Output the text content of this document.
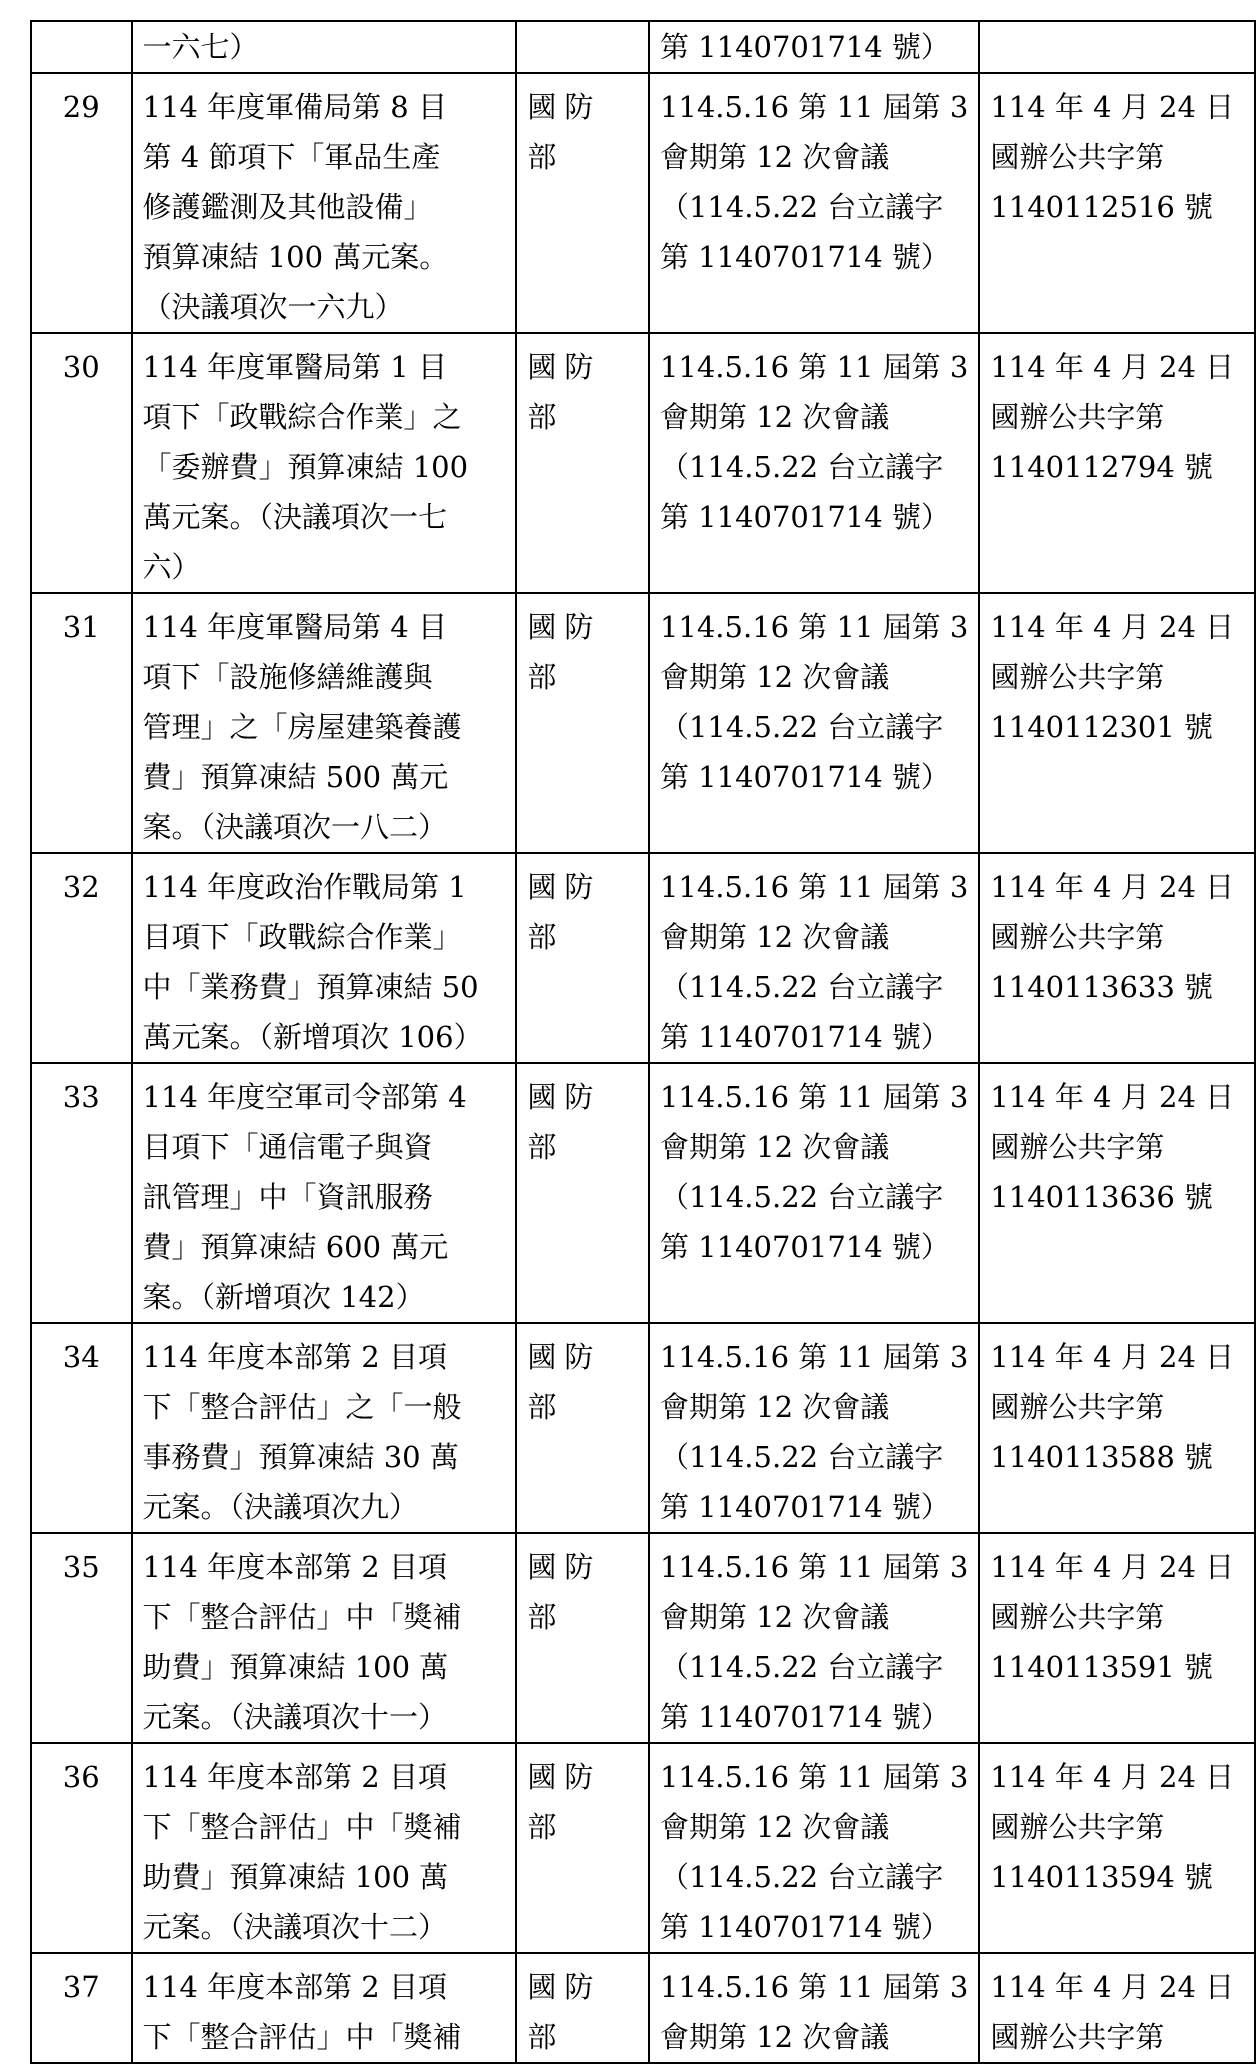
	一六七）		第 1140701714 號）	

29	114 年度軍備局第 8 目
第 4 節項下「軍品生產
修護鑑測及其他設備」
預算凍結 100 萬元案。
（決議項次一六九）	國防部	114.5.16 第 11 屆第 3
會期第 12 次會議
（114.5.22 台立議字
第 1140701714 號）	114 年 4 月 24 日
國辦公共字第
1140112516 號

30	114 年度軍醫局第 1 目
項下「政戰綜合作業」之
「委辦費」預算凍結 100
萬元案。（決議項次一七
六）	國防部	114.5.16 第 11 屆第 3
會期第 12 次會議
（114.5.22 台立議字
第 1140701714 號）	114 年 4 月 24 日
國辦公共字第
1140112794 號

31	114 年度軍醫局第 4 目
項下「設施修繕維護與
管理」之「房屋建築養護
費」預算凍結 500 萬元
案。（決議項次一八二）	國防部	114.5.16 第 11 屆第 3
會期第 12 次會議
（114.5.22 台立議字
第 1140701714 號）	114 年 4 月 24 日
國辦公共字第
1140112301 號

32	114 年度政治作戰局第 1
目項下「政戰綜合作業」
中「業務費」預算凍結 50
萬元案。（新增項次 106）	國防部	114.5.16 第 11 屆第 3
會期第 12 次會議
（114.5.22 台立議字
第 1140701714 號）	114 年 4 月 24 日
國辦公共字第
1140113633 號

33	114 年度空軍司令部第 4
目項下「通信電子與資
訊管理」中「資訊服務
費」預算凍結 600 萬元
案。（新增項次 142）	國防部	114.5.16 第 11 屆第 3
會期第 12 次會議
（114.5.22 台立議字
第 1140701714 號）	114 年 4 月 24 日
國辦公共字第
1140113636 號

34	114 年度本部第 2 目項
下「整合評估」之「一般
事務費」預算凍結 30 萬
元案。（決議項次九）	國防部	114.5.16 第 11 屆第 3
會期第 12 次會議
（114.5.22 台立議字
第 1140701714 號）	114 年 4 月 24 日
國辦公共字第
1140113588 號

35	114 年度本部第 2 目項
下「整合評估」中「獎補
助費」預算凍結 100 萬
元案。（決議項次十一）	國防部	114.5.16 第 11 屆第 3
會期第 12 次會議
（114.5.22 台立議字
第 1140701714 號）	114 年 4 月 24 日
國辦公共字第
1140113591 號

36	114 年度本部第 2 目項
下「整合評估」中「獎補
助費」預算凍結 100 萬
元案。（決議項次十二）	國防部	114.5.16 第 11 屆第 3
會期第 12 次會議
（114.5.22 台立議字
第 1140701714 號）	114 年 4 月 24 日
國辦公共字第
1140113594 號

37	114 年度本部第 2 目項
下「整合評估」中「獎補	國防部	114.5.16 第 11 屆第 3
會期第 12 次會議	114 年 4 月 24 日
國辦公共字第
